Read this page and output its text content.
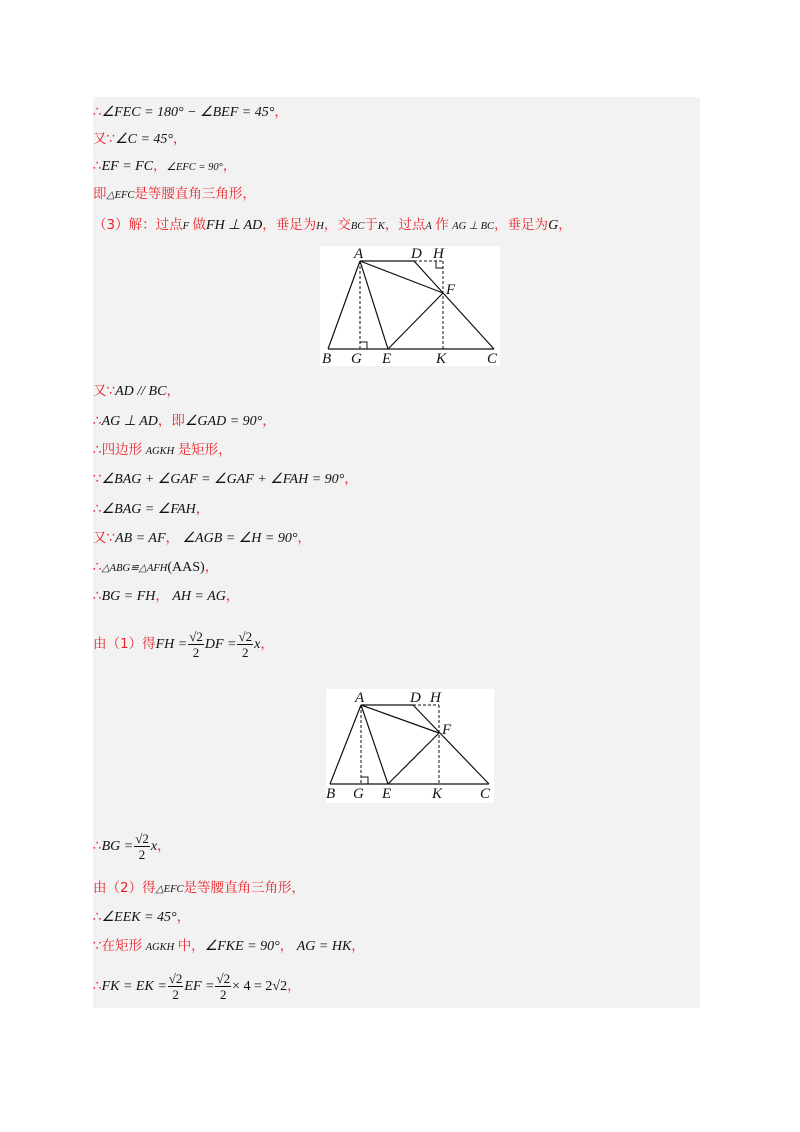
∴∠FEC = 180° − ∠BEF = 45°，
又∵∠C = 45°，
∴EF = FC，∠EFC = 90°，
即△EFC是等腰直角三角形，
（3）解：过点F 做FH ⊥ AD，垂足为H，交BC于K，过点A 作 AG ⊥ BC，垂足为G，
A	D H
F
B G E	K	C
又∵AD // BC，
∴AG ⊥ AD，即∠GAD = 90°，
∴四边形 AGKH 是矩形，
∵∠BAG + ∠GAF = ∠GAF + ∠FAH = 90°，
∴∠BAG = ∠FAH，
又∵AB = AF， ∠AGB = ∠H = 90°，
∴△ABG≌△AFH(AAS)，
∴BG = FH， AH = AG，
由（1）得FH = $\frac{√2}{2}$ DF = $\frac{√2}{2}$ x，
A	D H
F
B G E	K	C
∴BG = $\frac{√2}{2}$ x，
由（2）得△EFC是等腰直角三角形，
∴∠EEK = 45°，
∵在矩形 AGKH 中，∠FKE = 90°， AG = HK，
∴FK = EK = $\frac{√2}{2}$ EF = $\frac{√2}{2} \times 4 = 2√2$，
